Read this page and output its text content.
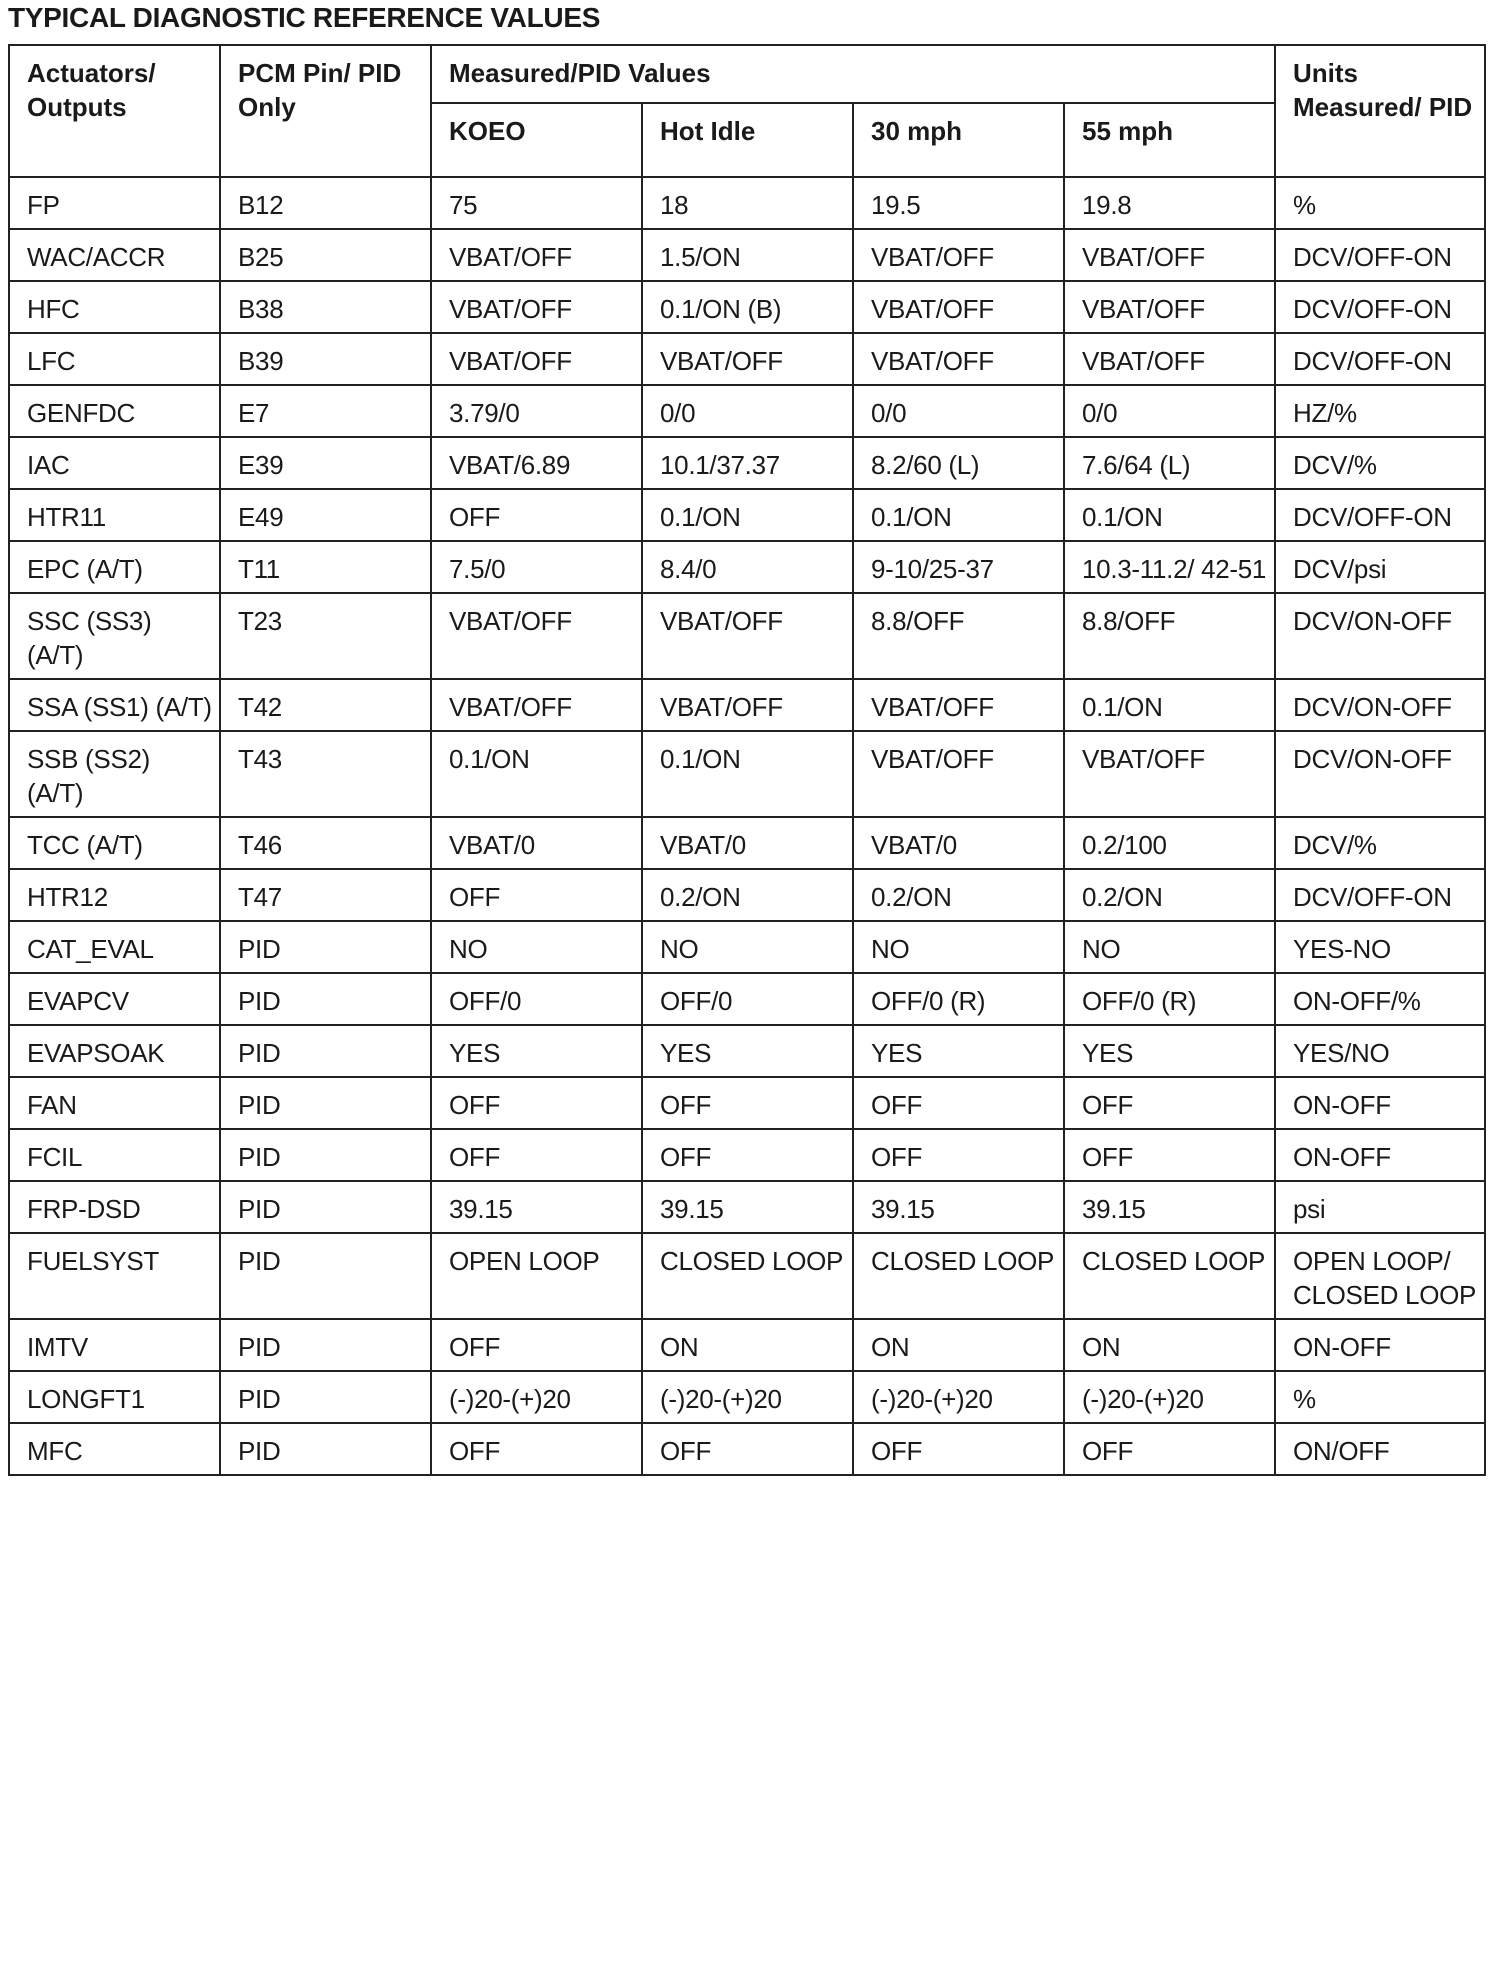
TYPICAL DIAGNOSTIC REFERENCE VALUES
Actuators/ Outputs	PCM Pin/ PID Only	Measured/PID Values				Units Measured/ PID
		KOEO	Hot Idle	30 mph	55 mph	
FP	B12	75	18	19.5	19.8	%
WAC/ACCR	B25	VBAT/OFF	1.5/ON	VBAT/OFF	VBAT/OFF	DCV/OFF-ON
HFC	B38	VBAT/OFF	0.1/ON (B)	VBAT/OFF	VBAT/OFF	DCV/OFF-ON
LFC	B39	VBAT/OFF	VBAT/OFF	VBAT/OFF	VBAT/OFF	DCV/OFF-ON
GENFDC	E7	3.79/0	0/0	0/0	0/0	HZ/%
IAC	E39	VBAT/6.89	10.1/37.37	8.2/60 (L)	7.6/64 (L)	DCV/%
HTR11	E49	OFF	0.1/ON	0.1/ON	0.1/ON	DCV/OFF-ON
EPC (A/T)	T11	7.5/0	8.4/0	9-10/25-37	10.3-11.2/ 42-51	DCV/psi
SSC (SS3) (A/T)	T23	VBAT/OFF	VBAT/OFF	8.8/OFF	8.8/OFF	DCV/ON-OFF
SSA (SS1) (A/T)	T42	VBAT/OFF	VBAT/OFF	VBAT/OFF	0.1/ON	DCV/ON-OFF
SSB (SS2) (A/T)	T43	0.1/ON	0.1/ON	VBAT/OFF	VBAT/OFF	DCV/ON-OFF
TCC (A/T)	T46	VBAT/0	VBAT/0	VBAT/0	0.2/100	DCV/%
HTR12	T47	OFF	0.2/ON	0.2/ON	0.2/ON	DCV/OFF-ON
CAT_EVAL	PID	NO	NO	NO	NO	YES-NO
EVAPCV	PID	OFF/0	OFF/0	OFF/0 (R)	OFF/0 (R)	ON-OFF/%
EVAPSOAK	PID	YES	YES	YES	YES	YES/NO
FAN	PID	OFF	OFF	OFF	OFF	ON-OFF
FCIL	PID	OFF	OFF	OFF	OFF	ON-OFF
FRP-DSD	PID	39.15	39.15	39.15	39.15	psi
FUELSYST	PID	OPEN LOOP	CLOSED LOOP	CLOSED LOOP	CLOSED LOOP	OPEN LOOP/ CLOSED LOOP
IMTV	PID	OFF	ON	ON	ON	ON-OFF
LONGFT1	PID	(-)20-(+)20	(-)20-(+)20	(-)20-(+)20	(-)20-(+)20	%
MFC	PID	OFF	OFF	OFF	OFF	ON/OFF
